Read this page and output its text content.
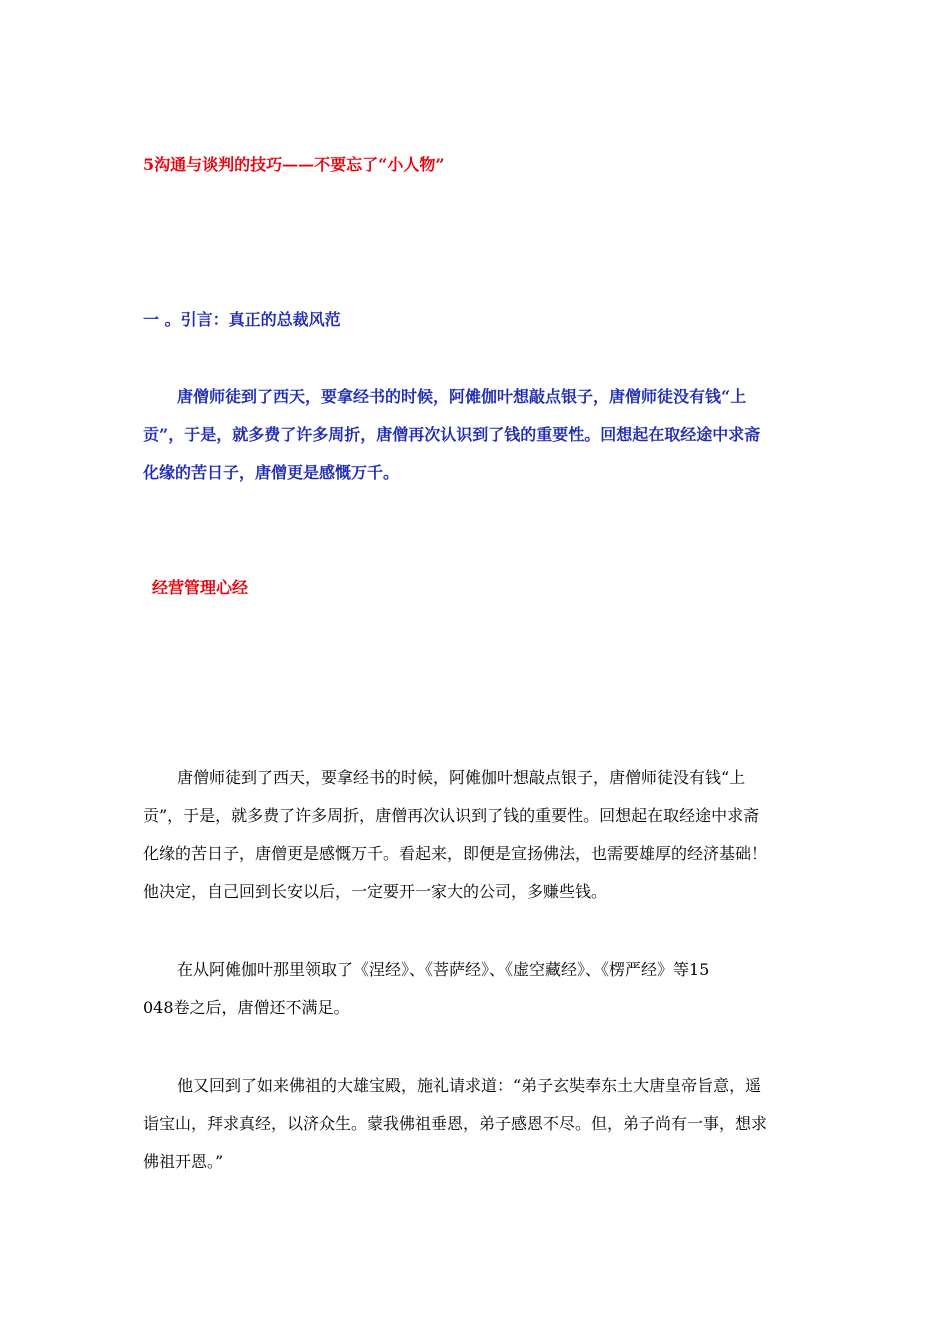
5沟通与谈判的技巧——不要忘了“小人物”
一 。引言：真正的总裁风范
唐僧师徒到了西天，要拿经书的时候，阿傩伽叶想敲点银子，唐僧师徒没有钱“上
贡”，于是，就多费了许多周折，唐僧再次认识到了钱的重要性。回想起在取经途中求斋
化缘的苦日子，唐僧更是感慨万千。
经营管理心经
唐僧师徒到了西天，要拿经书的时候，阿傩伽叶想敲点银子，唐僧师徒没有钱“上
贡”，于是，就多费了许多周折，唐僧再次认识到了钱的重要性。回想起在取经途中求斋
化缘的苦日子，唐僧更是感慨万千。看起来，即便是宣扬佛法，也需要雄厚的经济基础！
他决定，自己回到长安以后，一定要开一家大的公司，多赚些钱。
在从阿傩伽叶那里领取了《涅经》、《菩萨经》、《虚空藏经》、《楞严经》等15
048卷之后，唐僧还不满足。
他又回到了如来佛祖的大雄宝殿，施礼请求道：“弟子玄奘奉东土大唐皇帝旨意，遥
诣宝山，拜求真经，以济众生。蒙我佛祖垂恩，弟子感恩不尽。但，弟子尚有一事，想求
佛祖开恩。”
